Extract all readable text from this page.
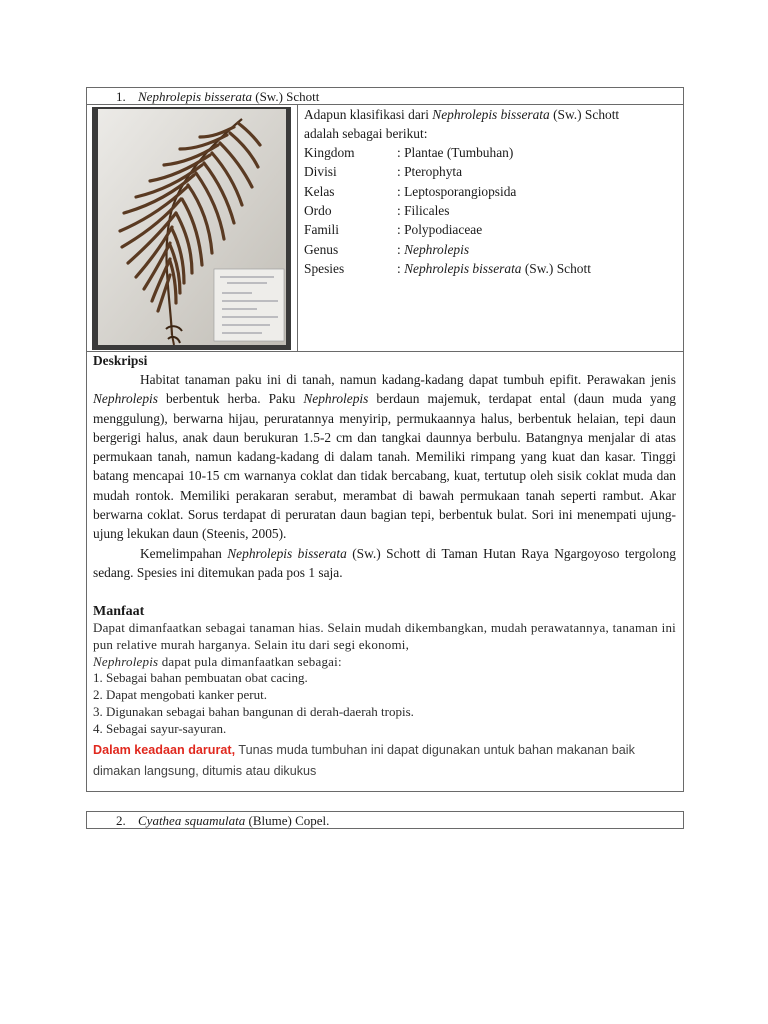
1. Nephrolepis bisserata (Sw.) Schott
Adapun klasifikasi dari Nephrolepis bisserata (Sw.) Schott
adalah sebagai berikut:
Kingdom	: Plantae (Tumbuhan)
Divisi	: Pterophyta
Kelas	: Leptosporangiopsida
Ordo	: Filicales
Famili	: Polypodiaceae
Genus	: Nephrolepis
Spesies	: Nephrolepis bisserata (Sw.) Schott
Deskripsi
Habitat tanaman paku ini di tanah, namun kadang-kadang dapat tumbuh epifit. Perawakan jenis Nephrolepis berbentuk herba. Paku Nephrolepis berdaun majemuk, terdapat ental (daun muda yang menggulung), berwarna hijau, peruratannya menyirip, permukaannya halus, berbentuk helaian, tepi daun bergerigi halus, anak daun berukuran 1.5-2 cm dan tangkai daunnya berbulu. Batangnya menjalar di atas permukaan tanah, namun kadang-kadang di dalam tanah. Memiliki rimpang yang kuat dan kasar. Tinggi batang mencapai 10-15 cm warnanya coklat dan tidak bercabang, kuat, tertutup oleh sisik coklat muda dan mudah rontok. Memiliki perakaran serabut, merambat di bawah permukaan tanah seperti rambut. Akar berwarna coklat. Sorus terdapat di peruratan daun bagian tepi, berbentuk bulat. Sori ini menempati ujung-ujung lekukan daun (Steenis, 2005).
Kemelimpahan Nephrolepis bisserata (Sw.) Schott di Taman Hutan Raya Ngargoyoso tergolong sedang. Spesies ini ditemukan pada pos 1 saja.
Manfaat
Dapat dimanfaatkan sebagai tanaman hias. Selain mudah dikembangkan, mudah perawatannya, tanaman ini pun relative murah harganya. Selain itu dari segi ekonomi,
Nephrolepis dapat pula dimanfaatkan sebagai:
1. Sebagai bahan pembuatan obat cacing.
2. Dapat mengobati kanker perut.
3. Digunakan sebagai bahan bangunan di derah-daerah tropis.
4. Sebagai sayur-sayuran.
Dalam keadaan darurat, Tunas muda tumbuhan ini dapat digunakan untuk bahan makanan baik dimakan langsung, ditumis atau dikukus
2. Cyathea squamulata (Blume) Copel.
